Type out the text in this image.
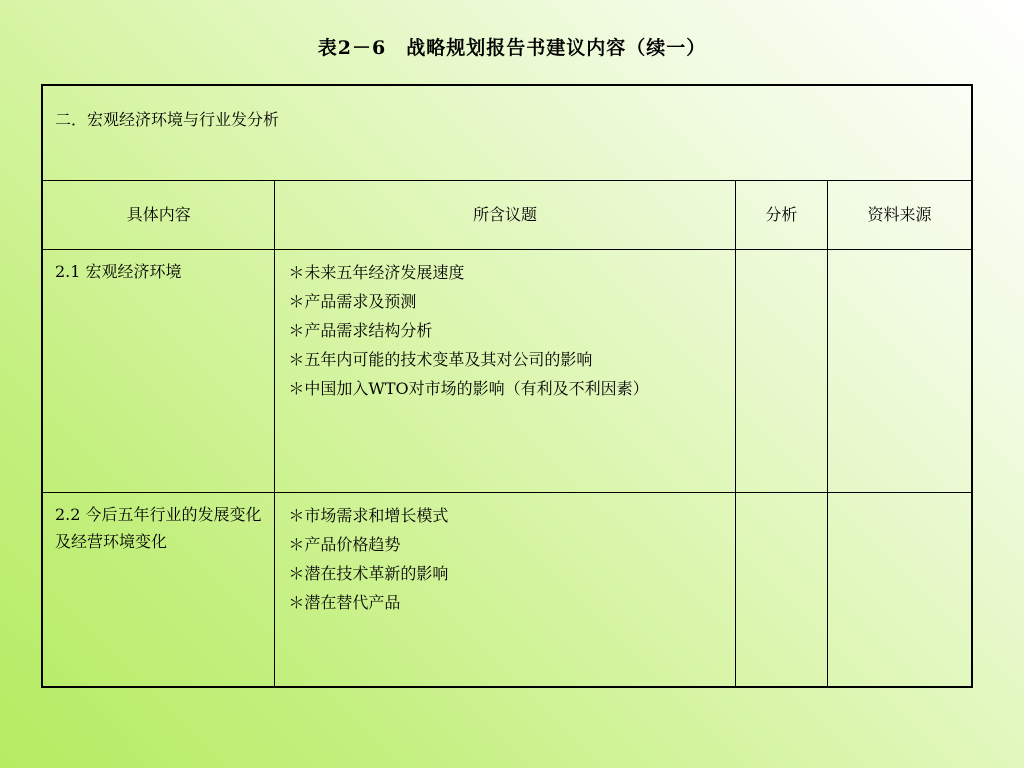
表2－6　战略规划报告书建议内容（续一）
二．宏观经济环境与行业发分析			
具体内容	所含议题	分析	资料来源
2.1 宏观经济环境	＊未来五年经济发展速度
＊产品需求及预测
＊产品需求结构分析
＊五年内可能的技术变革及其对公司的影响
＊中国加入WTO对市场的影响（有利及不利因素）		

2.2 今后五年行业的发展变化及经营环境变化	＊市场需求和增长模式
＊产品价格趋势
＊潜在技术革新的影响
＊潜在替代产品		
